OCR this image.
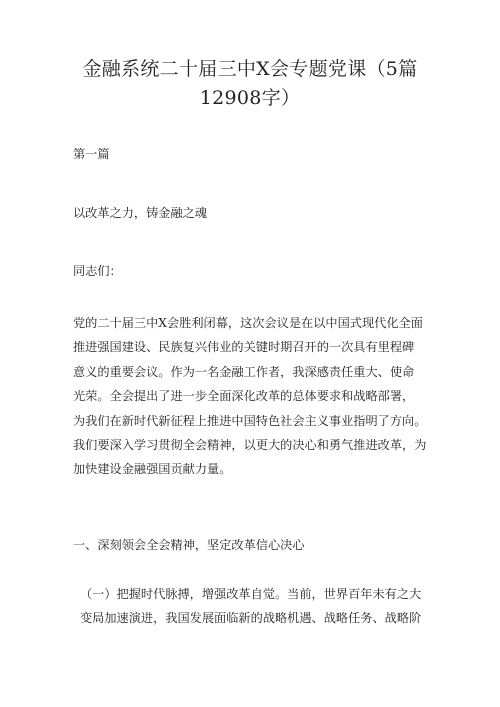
金融系统二十届三中X会专题党课（5篇
12908字）
第一篇
以改革之力，铸金融之魂
同志们：
党的二十届三中X会胜利闭幕，这次会议是在以中国式现代化全面
推进强国建设、民族复兴伟业的关键时期召开的一次具有里程碑
意义的重要会议。作为一名金融工作者，我深感责任重大、使命
光荣。全会提出了进一步全面深化改革的总体要求和战略部署，
为我们在新时代新征程上推进中国特色社会主义事业指明了方向。
我们要深入学习贯彻全会精神，以更大的决心和勇气推进改革，为
加快建设金融强国贡献力量。
一、深刻领会全会精神，坚定改革信心决心
（一）把握时代脉搏，增强改革自觉。当前，世界百年未有之大
变局加速演进，我国发展面临新的战略机遇、战略任务、战略阶
